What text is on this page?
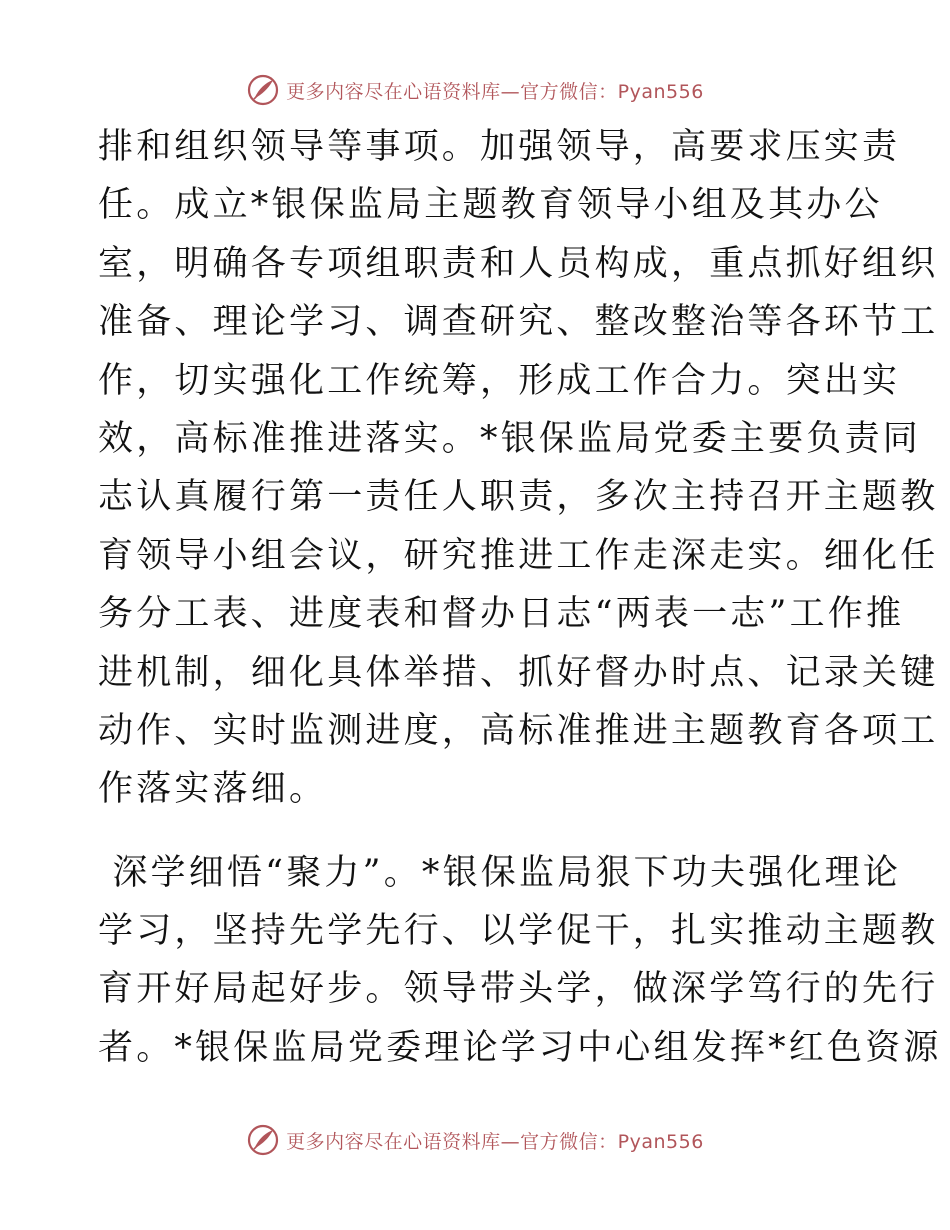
更多内容尽在心语资料库—官方微信：Pyan556
排和组织领导等事项。加强领导，高要求压实责
任。成立*银保监局主题教育领导小组及其办公
室，明确各专项组职责和人员构成，重点抓好组织
准备、理论学习、调查研究、整改整治等各环节工
作，切实强化工作统筹，形成工作合力。突出实
效，高标准推进落实。*银保监局党委主要负责同
志认真履行第一责任人职责，多次主持召开主题教
育领导小组会议，研究推进工作走深走实。细化任
务分工表、进度表和督办日志“两表一志”工作推
进机制，细化具体举措、抓好督办时点、记录关键
动作、实时监测进度，高标准推进主题教育各项工
作落实落细。
深学细悟“聚力”。*银保监局狠下功夫强化理论
学习，坚持先学先行、以学促干，扎实推动主题教
育开好局起好步。领导带头学，做深学笃行的先行
者。*银保监局党委理论学习中心组发挥*红色资源
更多内容尽在心语资料库—官方微信：Pyan556
